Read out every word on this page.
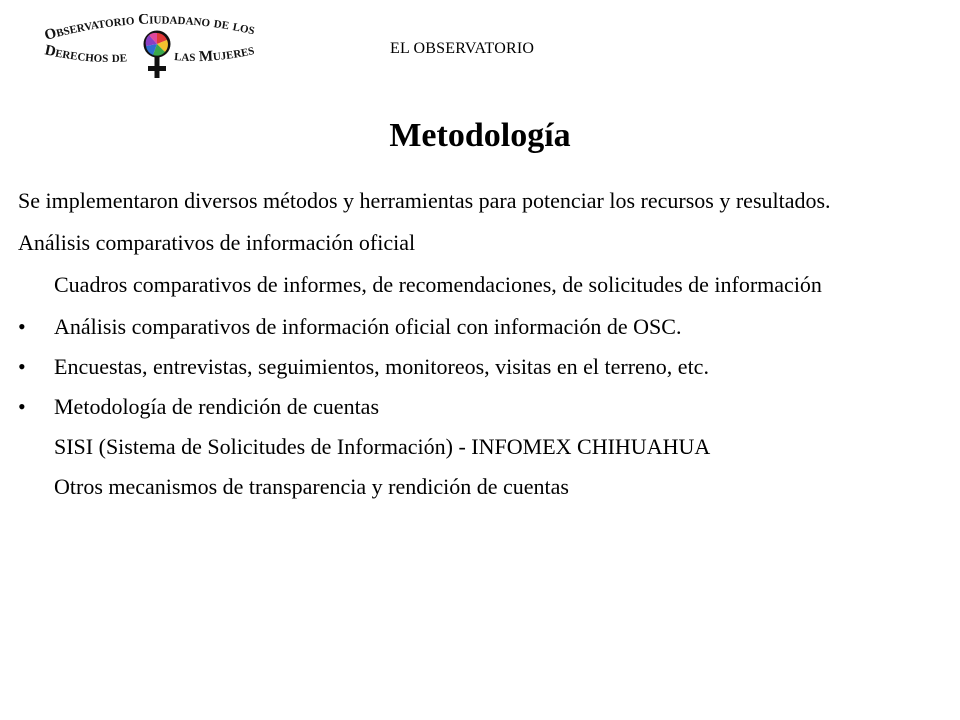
Observatorio Ciudadano de los
Derechos de	las Mujeres	EL OBSERVATORIO
Metodología

Se implementaron diversos métodos y herramientas para potenciar los recursos y resultados.

Análisis comparativos de información oficial

Cuadros comparativos de informes, de recomendaciones, de solicitudes de información

• Análisis comparativos de información oficial con información de OSC.
• Encuestas, entrevistas, seguimientos, monitoreos, visitas en el terreno, etc.
• Metodología de rendición de cuentas

SISI (Sistema de Solicitudes de Información) - INFOMEX CHIHUAHUA

Otros mecanismos de transparencia y rendición de cuentas
